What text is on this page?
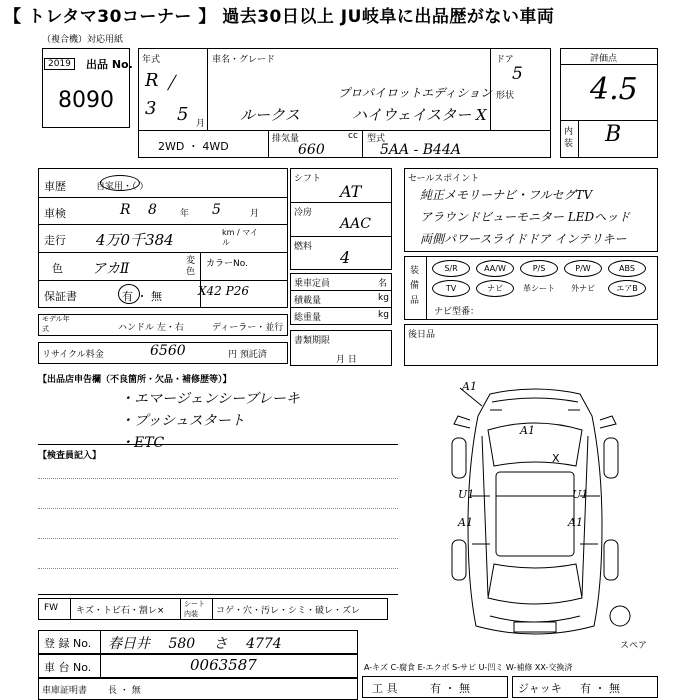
【 トレタマ30コーナー 】 過去30日以上 JU岐阜に出品歴がない車両
（複合機）対応用紙
2019	出品 No.
8090
年式
R
3 5 月
車名・グレード
プロパイロットエディション
ルークス	ハイウェイスター X
ドア
5
形状
2WD ・ 4WD
排気量	cc
660
型式
5AA - B44A
評価点
4.5
内装 B
車歴	自家用・（ ）
車検	R 8	年 5	月
走行 4万0千384	km / マイル
色 アカⅡ	変色
カラーNo.
X42 P26
保証書	有 ・ 無
モデル年式	ハンドル 左・右	ディーラー・並行
リサイクル料金	6560	円 預託済
シフト
AT
冷房
AAC
燃料
4
乗車定員	名
積載量	kg
総重量	kg
書類期限
月 日
セールスポイント
純正メモリーナビ・フルセグTV
アラウンドビューモニター LEDヘッド
両側パワースライドドア インテリキー
装備品
S/R	AA/W	P/S	P/W	ABS
TV	ナビ	革シート	外ナビ	エアB
ナビ型番：
後日品
【出品店申告欄（不良箇所・欠品・補修歴等）】
・エマージェンシーブレーキ
・プッシュスタート
・ETC
【検査員記入】
FW キズ・トビ石・割レ×
シート内装	コゲ・穴・汚レ・シミ・破レ・ズレ
登 録 No. 春日井 580 さ 4774
車 台 No.	0063587
車庫証明書 長 ・ 無	工 具	有 ・ 無	ジャッキ 有 ・ 無
A1
A1
X
U1	U1
A1	A1
スペア
A-キズ C-腐食 E-エクボ S-サビ U-凹ミ W-補修 XX-交換済
